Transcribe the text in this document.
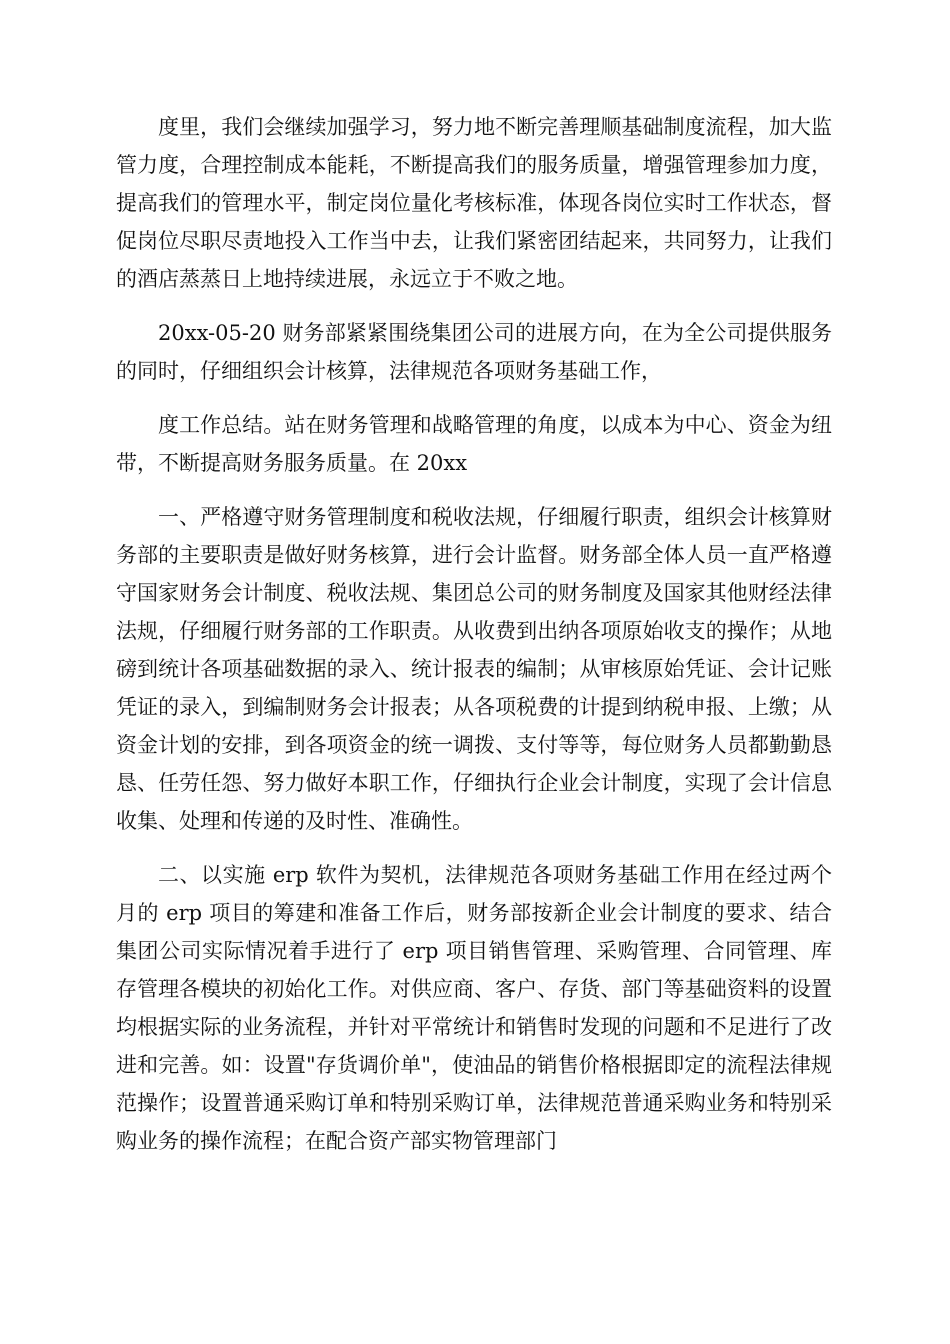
度里，我们会继续加强学习，努力地不断完善理顺基础制度流程，加大监管力度，合理控制成本能耗，不断提高我们的服务质量，增强管理参加力度，提高我们的管理水平，制定岗位量化考核标准，体现各岗位实时工作状态，督促岗位尽职尽责地投入工作当中去，让我们紧密团结起来，共同努力，让我们的酒店蒸蒸日上地持续进展，永远立于不败之地。

20xx-05-20 财务部紧紧围绕集团公司的进展方向，在为全公司提供服务的同时，仔细组织会计核算，法律规范各项财务基础工作，

度工作总结。站在财务管理和战略管理的角度，以成本为中心、资金为纽带，不断提高财务服务质量。在 20xx

一、严格遵守财务管理制度和税收法规，仔细履行职责，组织会计核算财务部的主要职责是做好财务核算，进行会计监督。财务部全体人员一直严格遵守国家财务会计制度、税收法规、集团总公司的财务制度及国家其他财经法律法规，仔细履行财务部的工作职责。从收费到出纳各项原始收支的操作；从地磅到统计各项基础数据的录入、统计报表的编制；从审核原始凭证、会计记账凭证的录入，到编制财务会计报表；从各项税费的计提到纳税申报、上缴；从资金计划的安排，到各项资金的统一调拨、支付等等，每位财务人员都勤勤恳恳、任劳任怨、努力做好本职工作，仔细执行企业会计制度，实现了会计信息收集、处理和传递的及时性、准确性。

二、以实施 erp 软件为契机，法律规范各项财务基础工作用在经过两个月的 erp 项目的筹建和准备工作后，财务部按新企业会计制度的要求、结合集团公司实际情况着手进行了 erp 项目销售管理、采购管理、合同管理、库存管理各模块的初始化工作。对供应商、客户、存货、部门等基础资料的设置均根据实际的业务流程，并针对平常统计和销售时发现的问题和不足进行了改进和完善。如：设置"存货调价单"，使油品的销售价格根据即定的流程法律规范操作；设置普通采购订单和特别采购订单，法律规范普通采购业务和特别采购业务的操作流程；在配合资产部实物管理部门
